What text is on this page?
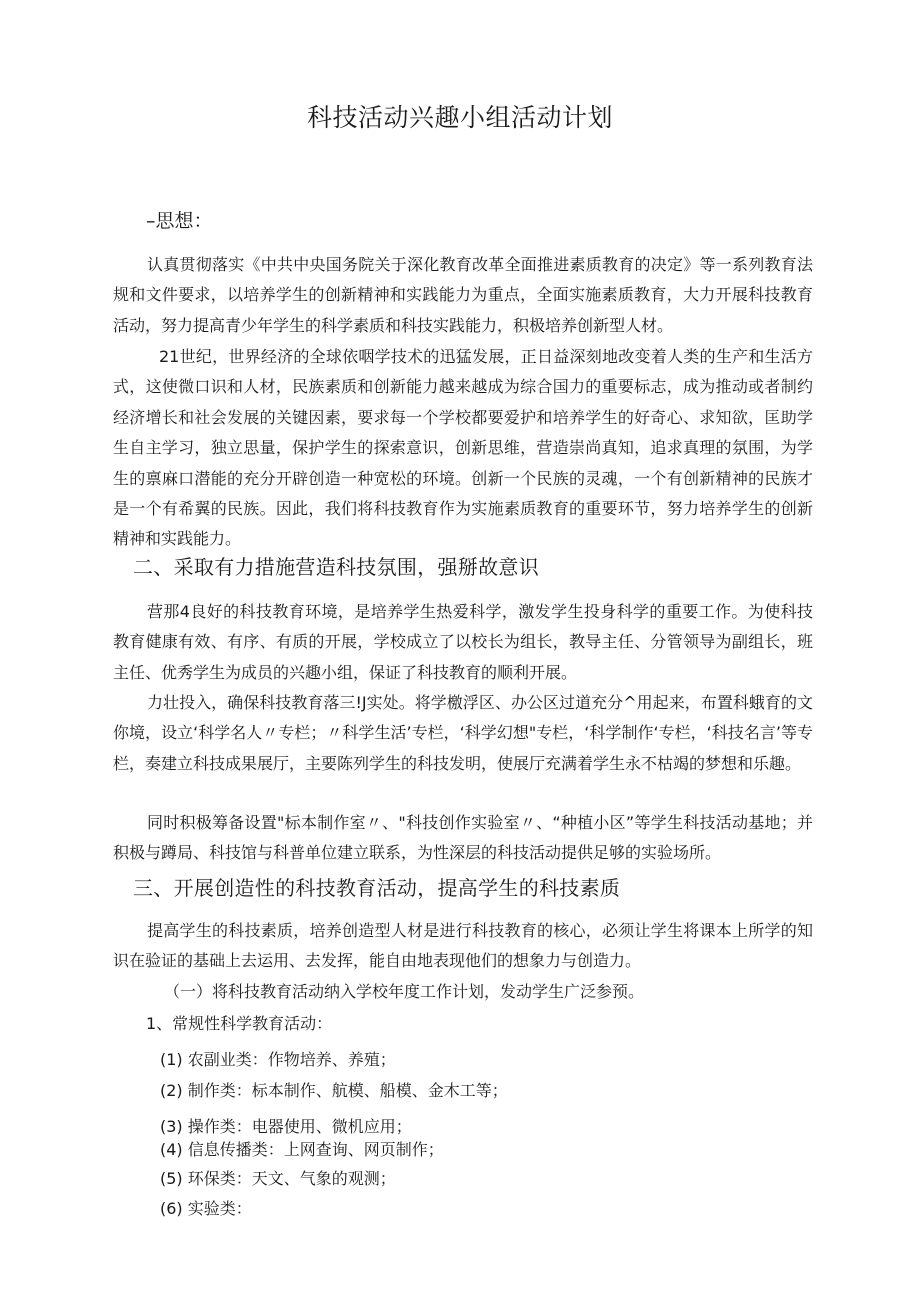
科技活动兴趣小组活动计划
–思想：

认真贯彻落实《中共中央国务院关于深化教育改革全面推进素质教育的决定》等一系列教育法规和文件要求，以培养学生的创新精神和实践能力为重点，全面实施素质教育，大力开展科技教育活动，努力提高青少年学生的科学素质和科技实践能力，积极培养创新型人材。

21世纪，世界经济的全球依咽学技术的迅猛发展，正日益深刻地改变着人类的生产和生活方式，这使微口识和人材，民族素质和创新能力越来越成为综合国力的重要标志，成为推动或者制约经济增长和社会发展的关键因素，要求每一个学校都要爱护和培养学生的好奇心、求知欲，匡助学生自主学习，独立思量，保护学生的探索意识，创新思维，营造崇尚真知，追求真理的氛围，为学生的禀麻口潜能的充分开辟创造一种宽松的环境。创新一个民族的灵魂，一个有创新精神的民族才是一个有希翼的民族。因此，我们将科技教育作为实施素质教育的重要环节，努力培养学生的创新精神和实践能力。

二、采取有力措施营造科技氛围，强掰故意识

营那4良好的科技教育环境，是培养学生热爱科学，激发学生投身科学的重要工作。为使科技教育健康有效、有序、有质的开展，学校成立了以校长为组长，教导主任、分管领导为副组长，班主任、优秀学生为成员的兴趣小组，保证了科技教育的顺利开展。

力壮投入，确保科技教育落三!J实处。将学檄浮区、办公区过道充分^用起来，布置科蛾育的文你境，设立‘科学名人〃专栏；〃科学生活’专栏，‘科学幻想"专栏，‘科学制作‘专栏，‘科技名言’等专栏，奏建立科技成果展厅，主要陈列学生的科技发明，使展厅充满着学生永不枯竭的梦想和乐趣。

同时积极筹备设置"标本制作室〃、"科技创作实验室〃、“种植小区”等学生科技活动基地；并积极与蹲局、科技馆与科普单位建立联系，为性深层的科技活动提供足够的实验场所。

三、开展创造性的科技教育活动，提高学生的科技素质

提高学生的科技素质，培养创造型人材是进行科技教育的核心，必须让学生将课本上所学的知识在验证的基础上去运用、去发挥，能自由地表现他们的想象力与创造力。

（一）将科技教育活动纳入学校年度工作计划，发动学生广泛参预。
1、常规性科学教育活动：
(1) 农副业类：作物培养、养殖；
(2) 制作类：标本制作、航模、船模、金木工等；
(3) 操作类：电器使用、微机应用；
(4) 信息传播类：上网查询、网页制作；
(5) 环保类：天文、气象的观测；
(6) 实验类：
